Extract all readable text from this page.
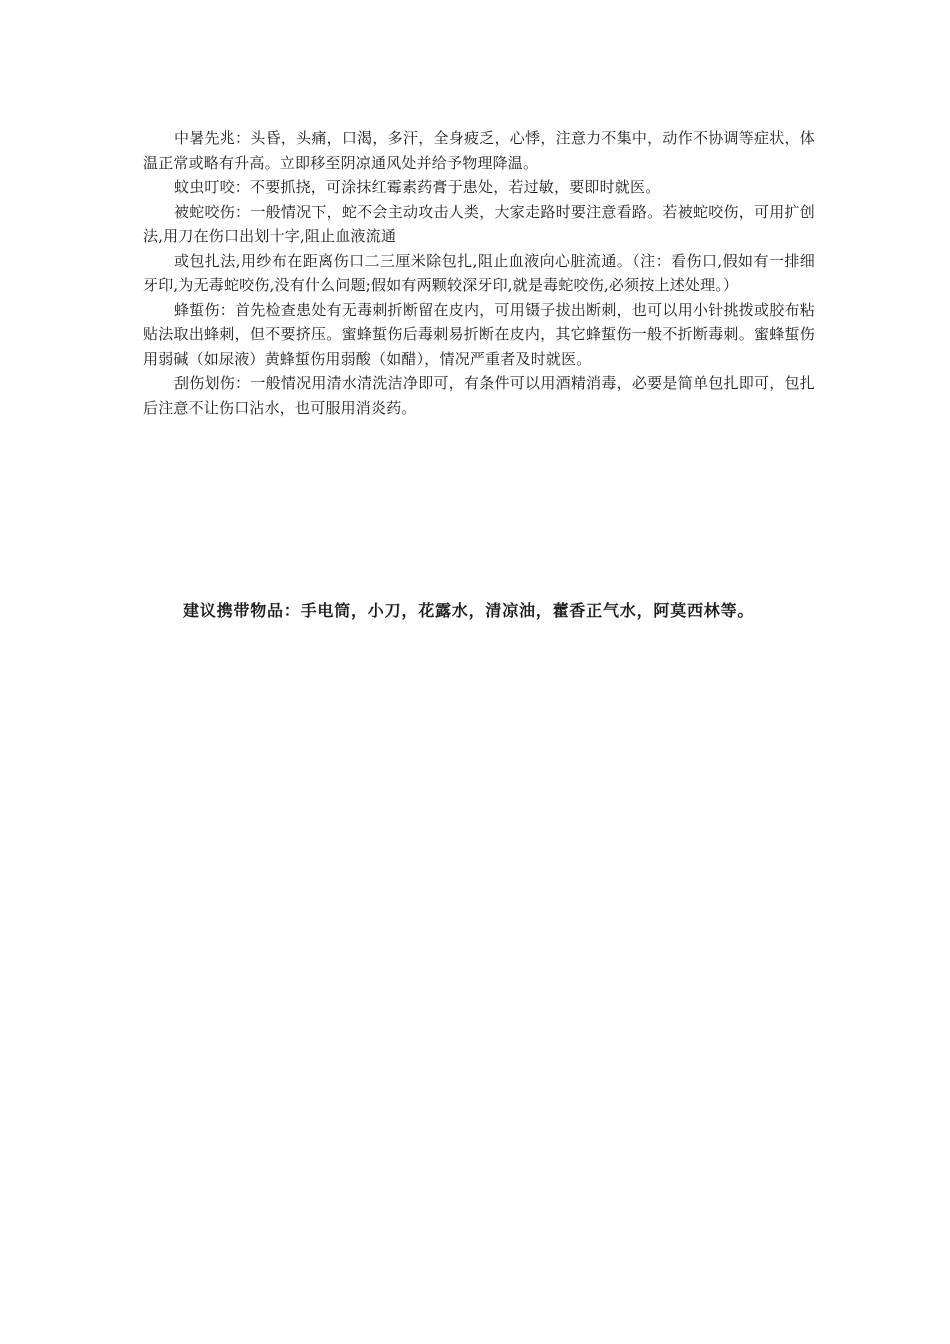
中暑先兆：头昏，头痛，口渴，多汗，全身疲乏，心悸，注意力不集中，动作不协调等症状，体温正常或略有升高。立即移至阴凉通风处并给予物理降温。

蚊虫叮咬：不要抓挠，可涂抹红霉素药膏于患处，若过敏，要即时就医。

被蛇咬伤：一般情况下，蛇不会主动攻击人类，大家走路时要注意看路。若被蛇咬伤，可用扩创法,用刀在伤口出划十字,阻止血液流通

或包扎法,用纱布在距离伤口二三厘米除包扎,阻止血液向心脏流通。（注：看伤口,假如有一排细牙印,为无毒蛇咬伤,没有什么问题;假如有两颗较深牙印,就是毒蛇咬伤,必须按上述处理。）

蜂蜇伤：首先检查患处有无毒刺折断留在皮内，可用镊子拔出断刺，也可以用小针挑拨或胶布粘贴法取出蜂刺，但不要挤压。蜜蜂蜇伤后毒刺易折断在皮内，其它蜂蜇伤一般不折断毒刺。蜜蜂蜇伤用弱碱（如尿液）黄蜂蜇伤用弱酸（如醋），情况严重者及时就医。

刮伤划伤：一般情况用清水清洗洁净即可，有条件可以用酒精消毒，必要是简单包扎即可，包扎后注意不让伤口沾水，也可服用消炎药。

建议携带物品：手电筒，小刀，花露水，清凉油，藿香正气水，阿莫西林等。
